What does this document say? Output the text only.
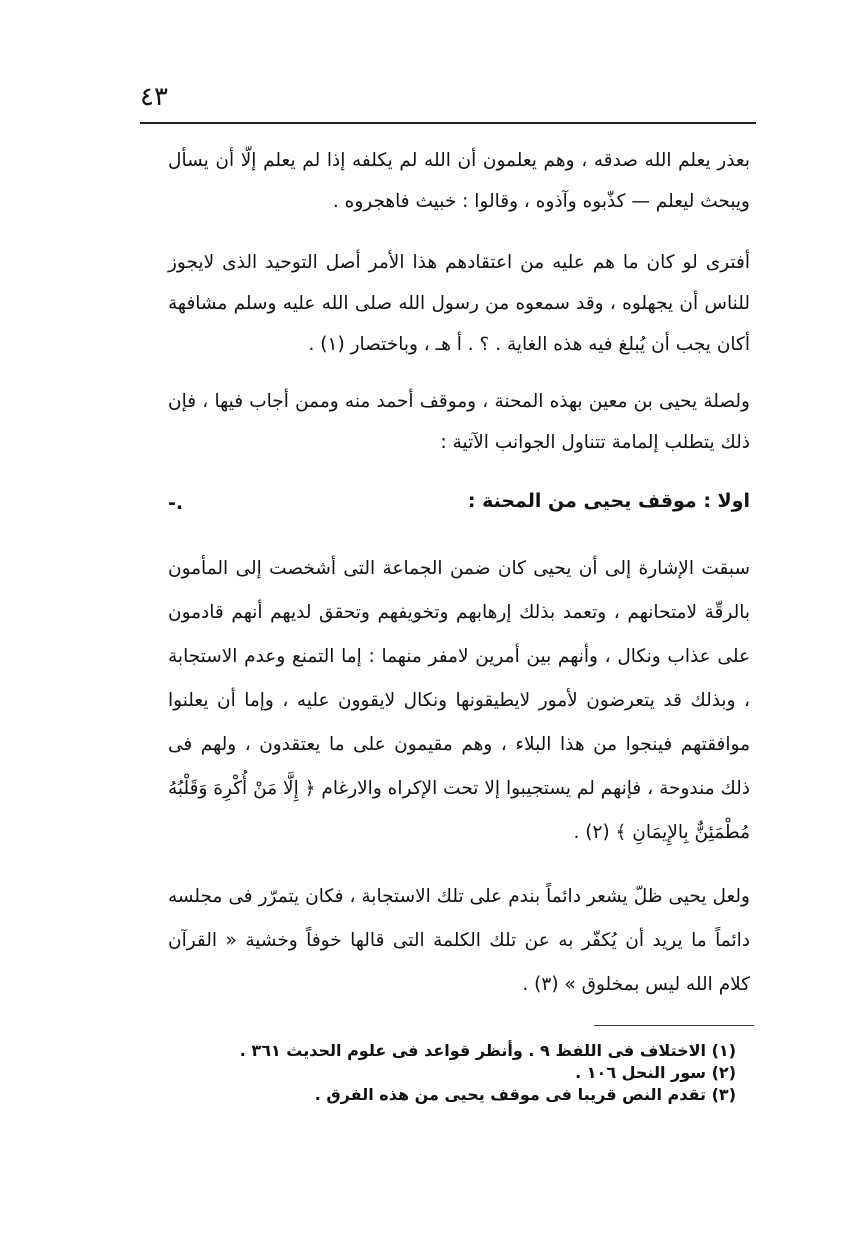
٤٣

بعذر يعلم الله صدقه ، وهم يعلمون أن الله لم يكلفه إذا لم يعلم إلّا أن يسأل ويبحث ليعلم — كذّبوه وآذوه ، وقالوا : خبيث فاهجروه .

أفترى لو كان ما هم عليه من اعتقادهم هذا الأمر أصل التوحيد الذى لايجوز للناس أن يجهلوه ، وقد سمعوه من رسول الله صلى الله عليه وسلم مشافهة أكان يجب أن يُبلغ فيه هذه الغاية . ؟ . أ هـ ، وباختصار (١) .

ولصلة يحيى بن معين بهذه المحنة ، وموقف أحمد منه وممن أجاب فيها ، فإن ذلك يتطلب إلمامة تتناول الجوانب الآتية :

اولا : موقف يحيى من المحنة :
-.

سبقت الإشارة إلى أن يحيى كان ضمن الجماعة التى أشخصت إلى المأمون بالرقّة لامتحانهم ، وتعمد بذلك إرهابهم وتخويفهم وتحقق لديهم أنهم قادمون على عذاب ونكال ، وأنهم بين أمرين لامفر منهما : إما التمنع وعدم الاستجابة ، وبذلك قد يتعرضون لأمور لايطيقونها ونكال لايقوون عليه ، وإما أن يعلنوا موافقتهم فينجوا من هذا البلاء ، وهم مقيمون على ما يعتقدون ، ولهم فى ذلك مندوحة ، فإنهم لم يستجيبوا إلا تحت الإكراه والارغام ﴿ إِلَّا مَنْ أُكْرِهَ وَقَلْبُهُ مُطْمَئِنٌّ بِالإِيمَانِ ﴾ (٢) .

ولعل يحيى ظلّ يشعر دائماً بندم على تلك الاستجابة ، فكان يتمرّر فى مجلسه دائماً ما يريد أن يُكفّر به عن تلك الكلمة التى قالها خوفاً وخشية « القرآن كلام الله ليس بمخلوق » (٣) .

(١) الاختلاف فى اللفظ ٩ . وأنظر قواعد فى علوم الحديث ٣٦١ .

(٢) سور النحل ١٠٦ .

(٣) تقدم النص قريبا فى موقف يحيى من هذه الفرق .
